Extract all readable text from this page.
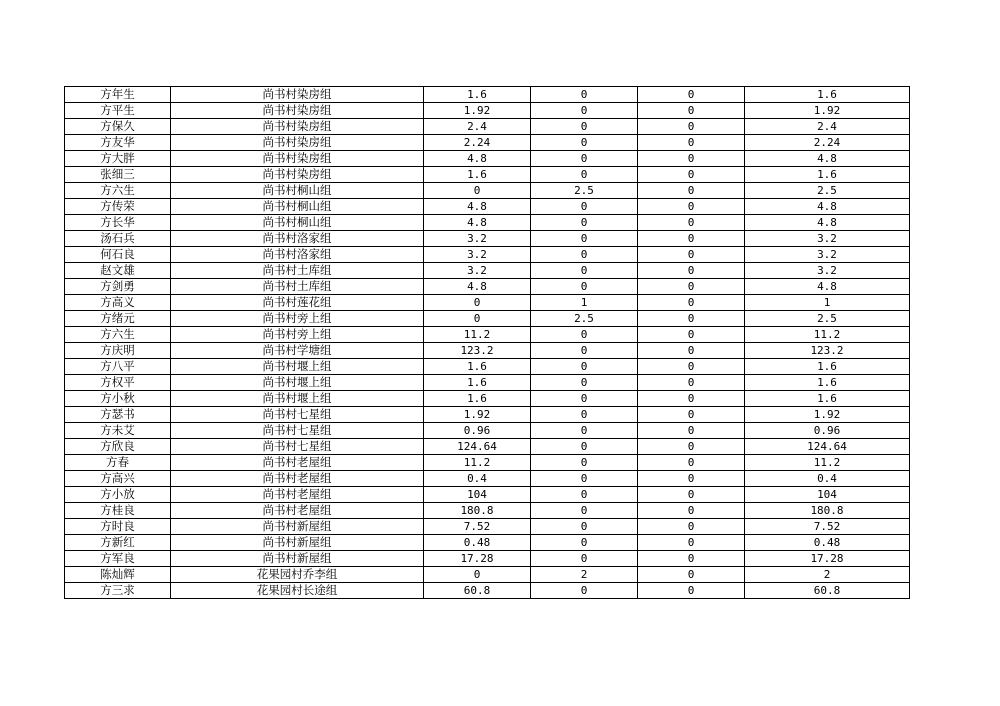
方年生	尚书村染房组	1.6	0	0	1.6
方平生	尚书村染房组	1.92	0	0	1.92
方保久	尚书村染房组	2.4	0	0	2.4
方友华	尚书村染房组	2.24	0	0	2.24
方大胖	尚书村染房组	4.8	0	0	4.8
张细三	尚书村染房组	1.6	0	0	1.6
方六生	尚书村桐山组	0	2.5	0	2.5
方传荣	尚书村桐山组	4.8	0	0	4.8
方长华	尚书村桐山组	4.8	0	0	4.8
汤石兵	尚书村洛家组	3.2	0	0	3.2
何石良	尚书村洛家组	3.2	0	0	3.2
赵文雄	尚书村土库组	3.2	0	0	3.2
方剑勇	尚书村土库组	4.8	0	0	4.8
方高义	尚书村莲花组	0	1	0	1
方绪元	尚书村旁上组	0	2.5	0	2.5
方六生	尚书村旁上组	11.2	0	0	11.2
方庆明	尚书村学塘组	123.2	0	0	123.2
方八平	尚书村堰上组	1.6	0	0	1.6
方权平	尚书村堰上组	1.6	0	0	1.6
方小秋	尚书村堰上组	1.6	0	0	1.6
方瑟书	尚书村七星组	1.92	0	0	1.92
方未艾	尚书村七星组	0.96	0	0	0.96
方欣良	尚书村七星组	124.64	0	0	124.64
方春	尚书村老屋组	11.2	0	0	11.2
方高兴	尚书村老屋组	0.4	0	0	0.4
方小放	尚书村老屋组	104	0	0	104
方桂良	尚书村老屋组	180.8	0	0	180.8
方时良	尚书村新屋组	7.52	0	0	7.52
方新红	尚书村新屋组	0.48	0	0	0.48
方军良	尚书村新屋组	17.28	0	0	17.28
陈灿辉	花果园村乔李组	0	2	0	2
方三求	花果园村长途组	60.8	0	0	60.8
